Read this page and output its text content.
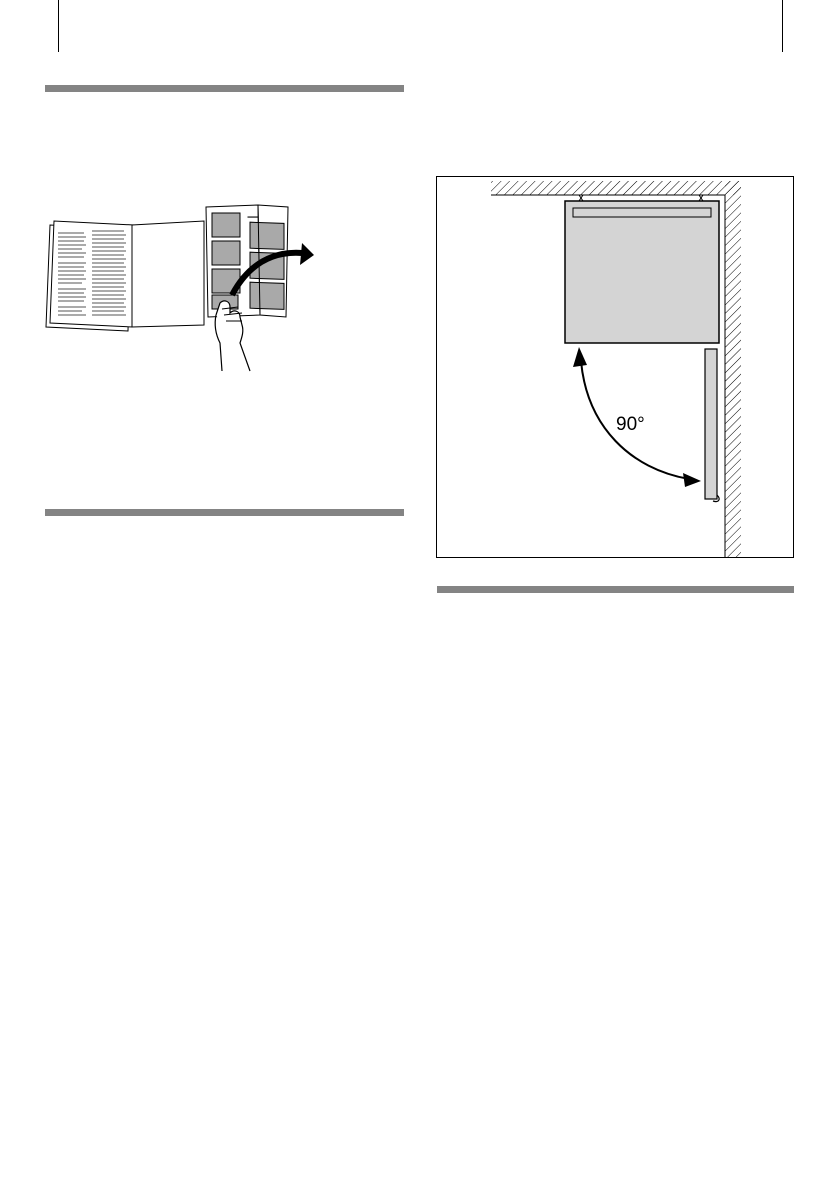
90°
